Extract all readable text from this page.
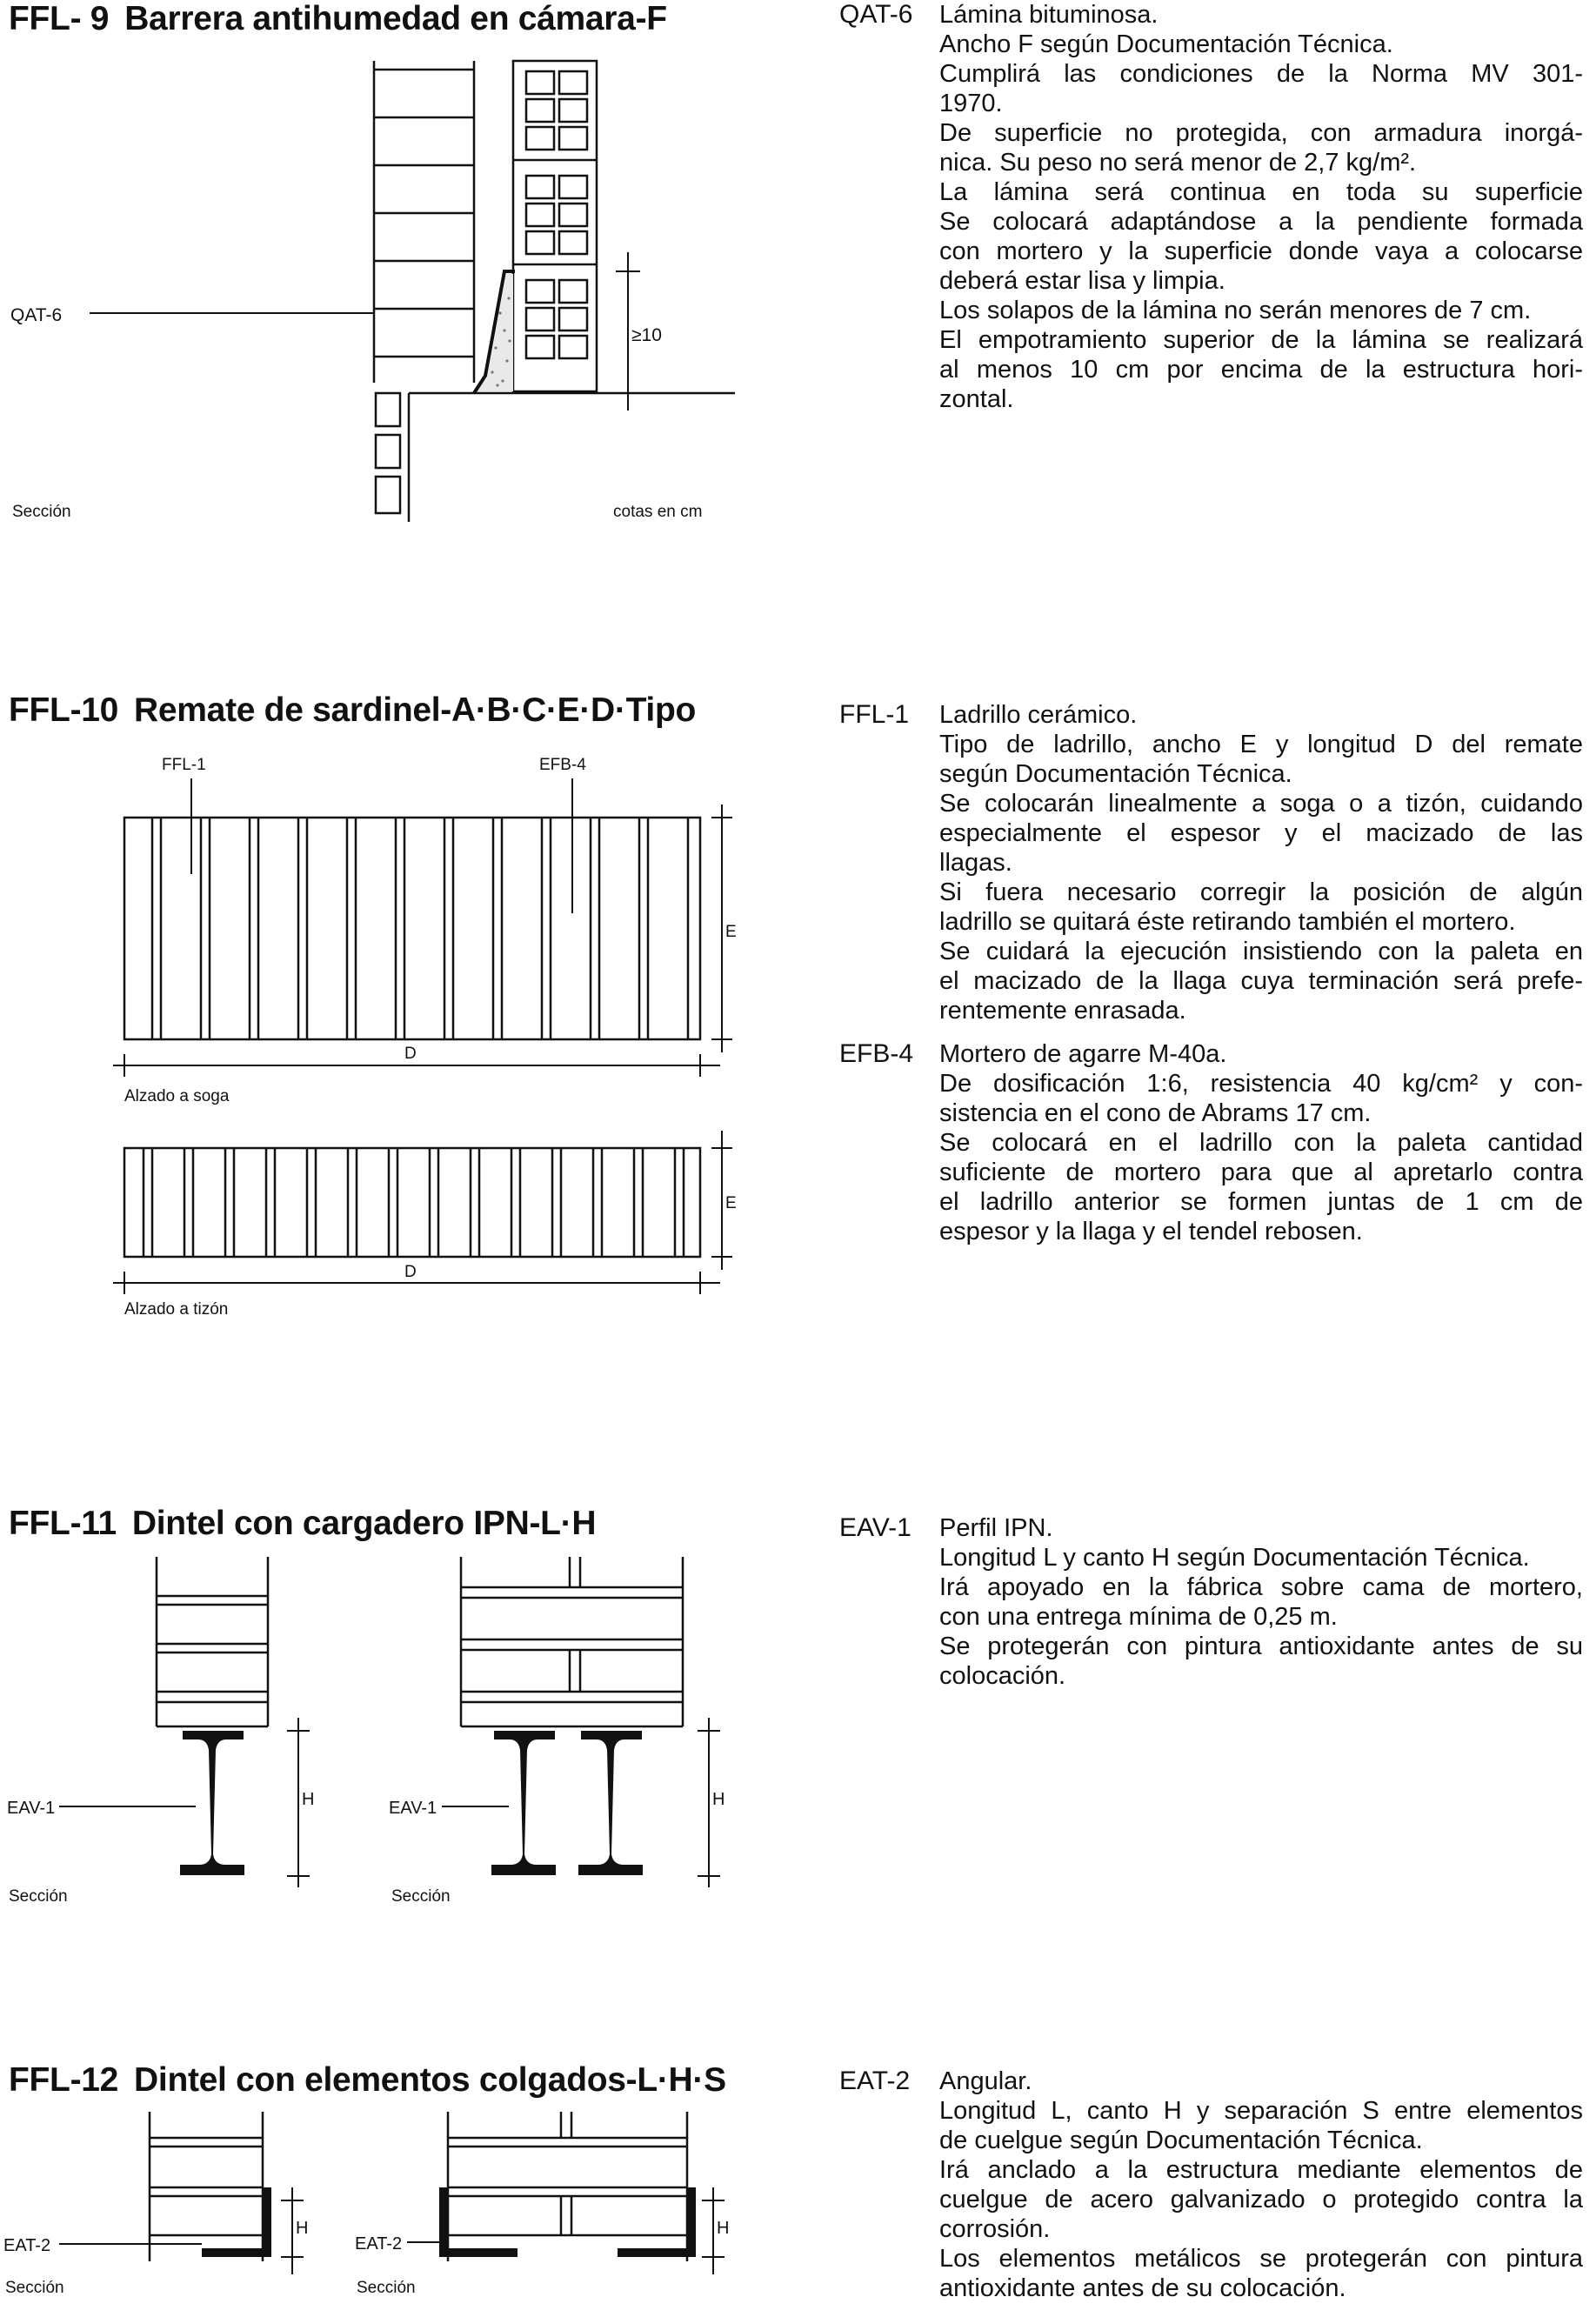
FFL- 9 Barrera antihumedad en cámara-F
QAT-6
≥10
Sección	cotas en cm
QAT-6 Lámina bituminosa.
Ancho F según Documentación Técnica.
Cumplirá las condiciones de la Norma MV 301-
1970.
De superficie no protegida, con armadura inorgá-
nica. Su peso no será menor de 2,7 kg/m².
La lámina será continua en toda su superficie
Se colocará adaptándose a la pendiente formada
con mortero y la superficie donde vaya a colocarse
deberá estar lisa y limpia.
Los solapos de la lámina no serán menores de 7 cm.
El empotramiento superior de la lámina se realizará
al menos 10 cm por encima de la estructura hori-
zontal.
FFL-10 Remate de sardinel-A·B·C·E·D·Tipo
FFL-1	EFB-4
E
D
E
D
Alzado a soga
Alzado a tizón
FFL-1 Ladrillo cerámico.
Tipo de ladrillo, ancho E y longitud D del remate
según Documentación Técnica.
Se colocarán linealmente a soga o a tizón, cuidando
especialmente el espesor y el macizado de las
llagas.
Si fuera necesario corregir la posición de algún
ladrillo se quitará éste retirando también el mortero.
Se cuidará la ejecución insistiendo con la paleta en
el macizado de la llaga cuya terminación será prefe-
rentemente enrasada.
EFB-4 Mortero de agarre M-40a.
De dosificación 1:6, resistencia 40 kg/cm² y con-
sistencia en el cono de Abrams 17 cm.
Se colocará en el ladrillo con la paleta cantidad
suficiente de mortero para que al apretarlo contra
el ladrillo anterior se formen juntas de 1 cm de
espesor y la llaga y el tendel rebosen.
FFL-11 Dintel con cargadero IPN-L·H
EAV-1	H	EAV-1	H
Sección	Sección
EAV-1 Perfil IPN.
Longitud L y canto H según Documentación Técnica.
Irá apoyado en la fábrica sobre cama de mortero,
con una entrega mínima de 0,25 m.
Se protegerán con pintura antioxidante antes de su
colocación.
FFL-12 Dintel con elementos colgados-L·H·S
EAT-2
H
EAT-2
H
Sección	Sección
EAT-2 Angular.
Longitud L, canto H y separación S entre elementos
de cuelgue según Documentación Técnica.
Irá anclado a la estructura mediante elementos de
cuelgue de acero galvanizado o protegido contra la
corrosión.
Los elementos metálicos se protegerán con pintura
antioxidante antes de su colocación.
